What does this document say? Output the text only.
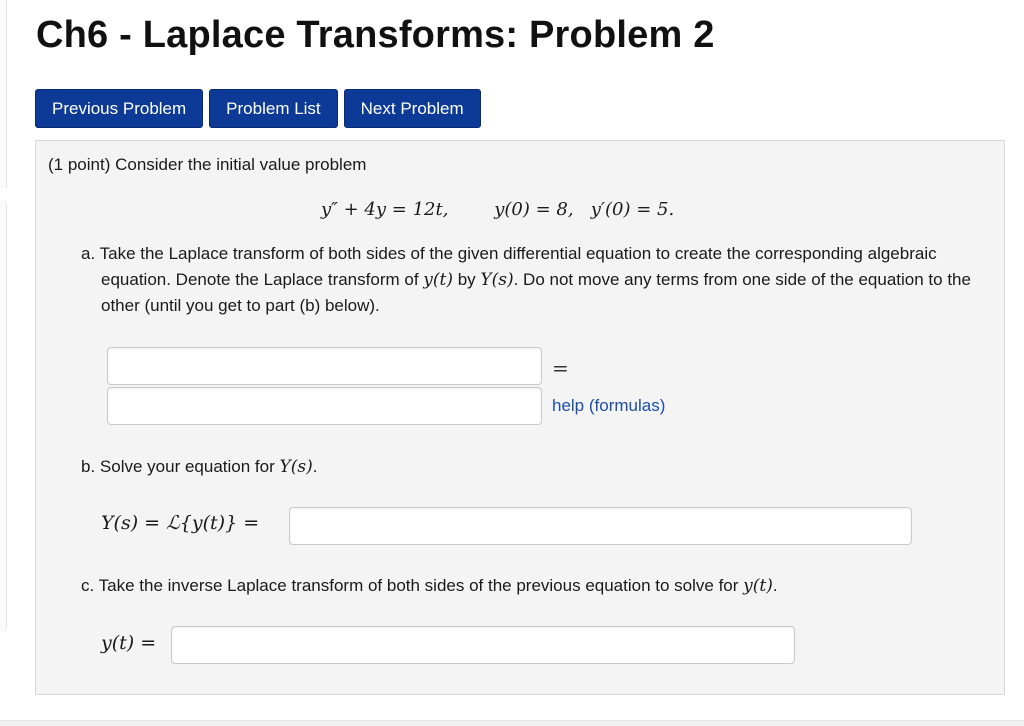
Ch6 - Laplace Transforms: Problem 2
Previous Problem	Problem List	Next Problem
(1 point) Consider the initial value problem
y″ + 4y = 12t,        y(0) = 8,   y′(0) = 5.
a. Take the Laplace transform of both sides of the given differential equation to create the corresponding algebraic equation. Denote the Laplace transform of y(t) by Y(s). Do not move any terms from one side of the equation to the other (until you get to part (b) below).
=
help (formulas)
b. Solve your equation for Y(s).
Y(s) = ℒ{y(t)} =
c. Take the inverse Laplace transform of both sides of the previous equation to solve for y(t).
y(t) =
